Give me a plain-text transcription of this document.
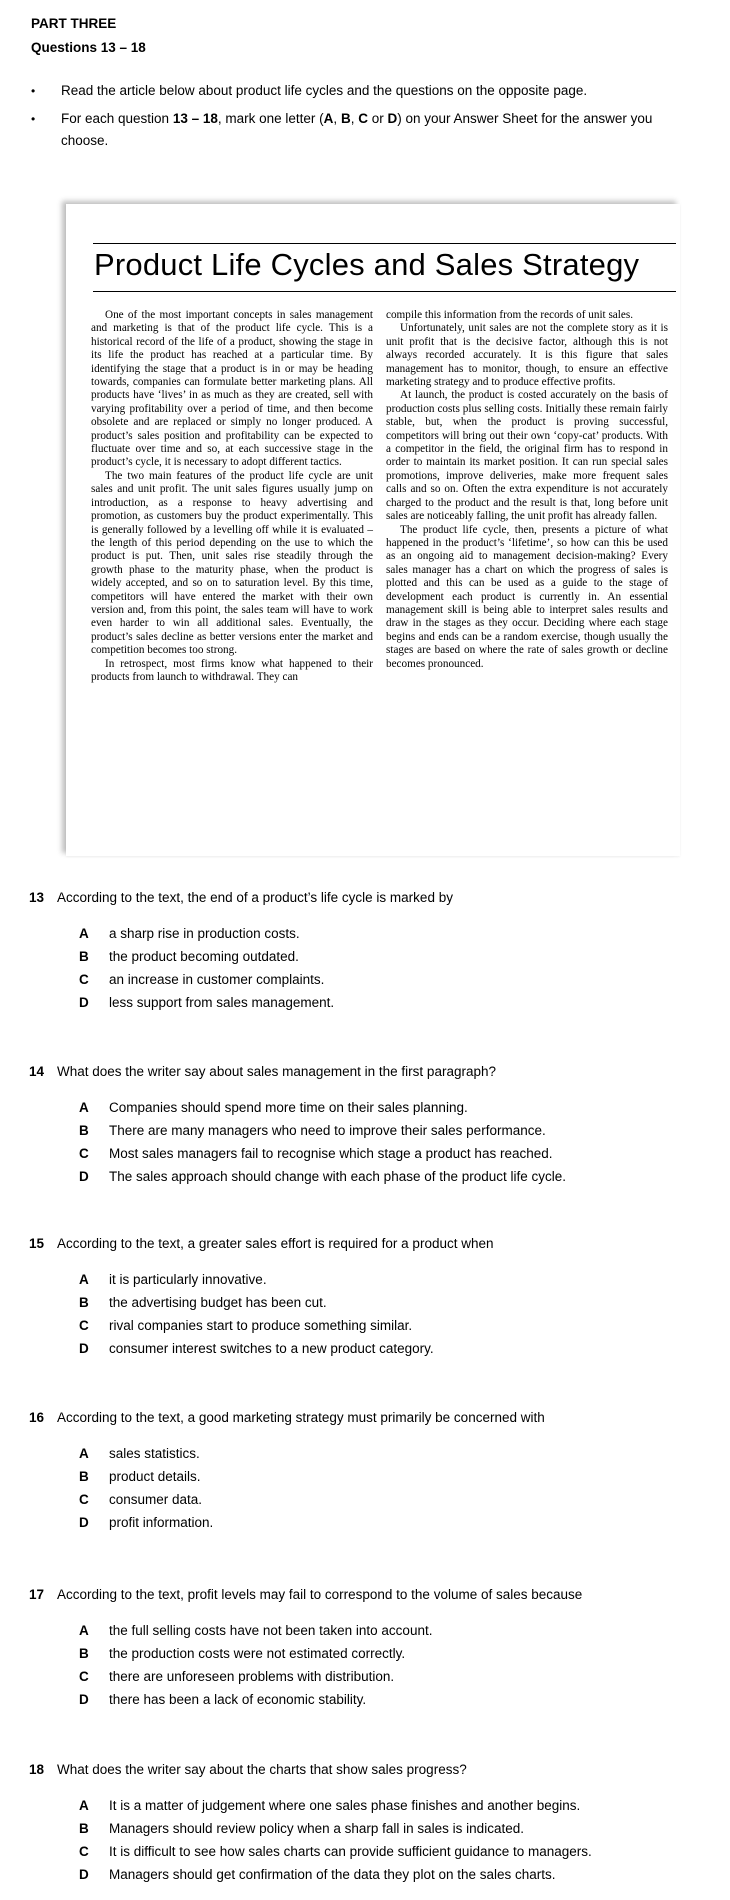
PART THREE
Questions 13 – 18
•	Read the article below about product life cycles and the questions on the opposite page.
•	For each question 13 – 18, mark one letter (A, B, C or D) on your Answer Sheet for the answer you choose.
Product Life Cycles and Sales Strategy

One of the most important concepts in sales management and marketing is that of the product life cycle. This is a historical record of the life of a product, showing the stage in its life the product has reached at a particular time. By identifying the stage that a product is in or may be heading towards, companies can formulate better marketing plans. All products have ‘lives’ in as much as they are created, sell with varying profitability over a period of time, and then become obsolete and are replaced or simply no longer produced. A product’s sales position and profitability can be expected to fluctuate over time and so, at each successive stage in the product’s cycle, it is necessary to adopt different tactics.

The two main features of the product life cycle are unit sales and unit profit. The unit sales figures usually jump on introduction, as a response to heavy advertising and promotion, as customers buy the product experimentally. This is generally followed by a levelling off while it is evaluated – the length of this period depending on the use to which the product is put. Then, unit sales rise steadily through the growth phase to the maturity phase, when the product is widely accepted, and so on to saturation level. By this time, competitors will have entered the market with their own version and, from this point, the sales team will have to work even harder to win all additional sales. Eventually, the product’s sales decline as better versions enter the market and competition becomes too strong.

In retrospect, most firms know what happened to their products from launch to withdrawal. They can

compile this information from the records of unit sales.

Unfortunately, unit sales are not the complete story as it is unit profit that is the decisive factor, although this is not always recorded accurately. It is this figure that sales management has to monitor, though, to ensure an effective marketing strategy and to produce effective profits.

At launch, the product is costed accurately on the basis of production costs plus selling costs. Initially these remain fairly stable, but, when the product is proving successful, competitors will bring out their own ‘copy-cat’ products. With a competitor in the field, the original firm has to respond in order to maintain its market position. It can run special sales promotions, improve deliveries, make more frequent sales calls and so on. Often the extra expenditure is not accurately charged to the product and the result is that, long before unit sales are noticeably falling, the unit profit has already fallen.

The product life cycle, then, presents a picture of what happened in the product’s ‘lifetime’, so how can this be used as an ongoing aid to management decision-making? Every sales manager has a chart on which the progress of sales is plotted and this can be used as a guide to the stage of development each product is currently in. An essential management skill is being able to interpret sales results and draw in the stages as they occur. Deciding where each stage begins and ends can be a random exercise, though usually the stages are based on where the rate of sales growth or decline becomes pronounced.

13 According to the text, the end of a product’s life cycle is marked by
A	a sharp rise in production costs.
B	the product becoming outdated.
C	an increase in customer complaints.
D	less support from sales management.
14 What does the writer say about sales management in the first paragraph?
A	Companies should spend more time on their sales planning.
B	There are many managers who need to improve their sales performance.
C	Most sales managers fail to recognise which stage a product has reached.
D	The sales approach should change with each phase of the product life cycle.
15 According to the text, a greater sales effort is required for a product when
A	it is particularly innovative.
B	the advertising budget has been cut.
C	rival companies start to produce something similar.
D	consumer interest switches to a new product category.
16 According to the text, a good marketing strategy must primarily be concerned with
A	sales statistics.
B	product details.
C	consumer data.
D	profit information.
17 According to the text, profit levels may fail to correspond to the volume of sales because
A	the full selling costs have not been taken into account.
B	the production costs were not estimated correctly.
C	there are unforeseen problems with distribution.
D	there has been a lack of economic stability.
18 What does the writer say about the charts that show sales progress?
A	It is a matter of judgement where one sales phase finishes and another begins.
B	Managers should review policy when a sharp fall in sales is indicated.
C	It is difficult to see how sales charts can provide sufficient guidance to managers.
D	Managers should get confirmation of the data they plot on the sales charts.
